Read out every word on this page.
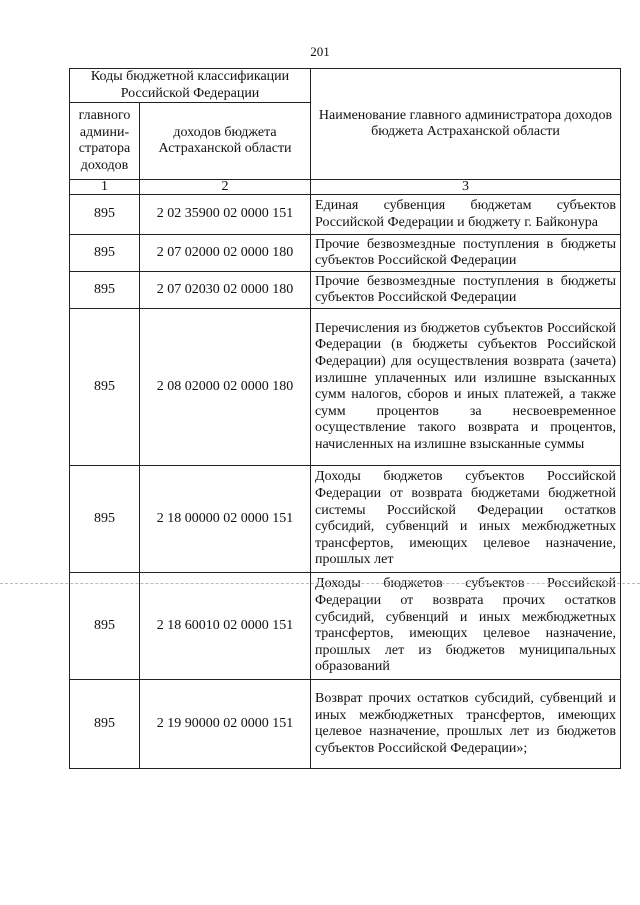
201
Коды бюджетной классификации Российской Федерации		Наименование главного администратора доходов бюджета Астраханской области
главного админи-стратора доходов	доходов бюджета Астраханской области	
1	2	3
895	2 02 35900 02 0000 151	Единая субвенция бюджетам субъектов Российской Федерации и бюджету г. Байконура
895	2 07 02000 02 0000 180	Прочие безвозмездные поступления в бюджеты субъектов Российской Федерации
895	2 07 02030 02 0000 180	Прочие безвозмездные поступления в бюджеты субъектов Российской Федерации
895	2 08 02000 02 0000 180	Перечисления из бюджетов субъектов Российской Федерации (в бюджеты субъектов Российской Федерации) для осуществления возврата (зачета) излишне уплаченных или излишне взысканных сумм налогов, сборов и иных платежей, а также сумм процентов за несвоевременное осуществление такого возврата и процентов, начисленных на излишне взысканные суммы
895	2 18 00000 02 0000 151	Доходы бюджетов субъектов Российской Федерации от возврата бюджетами бюджетной системы Российской Федерации остатков субсидий, субвенций и иных межбюджетных трансфертов, имеющих целевое назначение, прошлых лет
895	2 18 60010 02 0000 151	Доходы бюджетов субъектов Российской Федерации от возврата прочих остатков субсидий, субвенций и иных межбюджетных трансфертов, имеющих целевое назначение, прошлых лет из бюджетов муниципальных образований
895	2 19 90000 02 0000 151	Возврат прочих остатков субсидий, субвенций и иных межбюджетных трансфертов, имеющих целевое назначение, прошлых лет из бюджетов субъектов Российской Федерации»;
